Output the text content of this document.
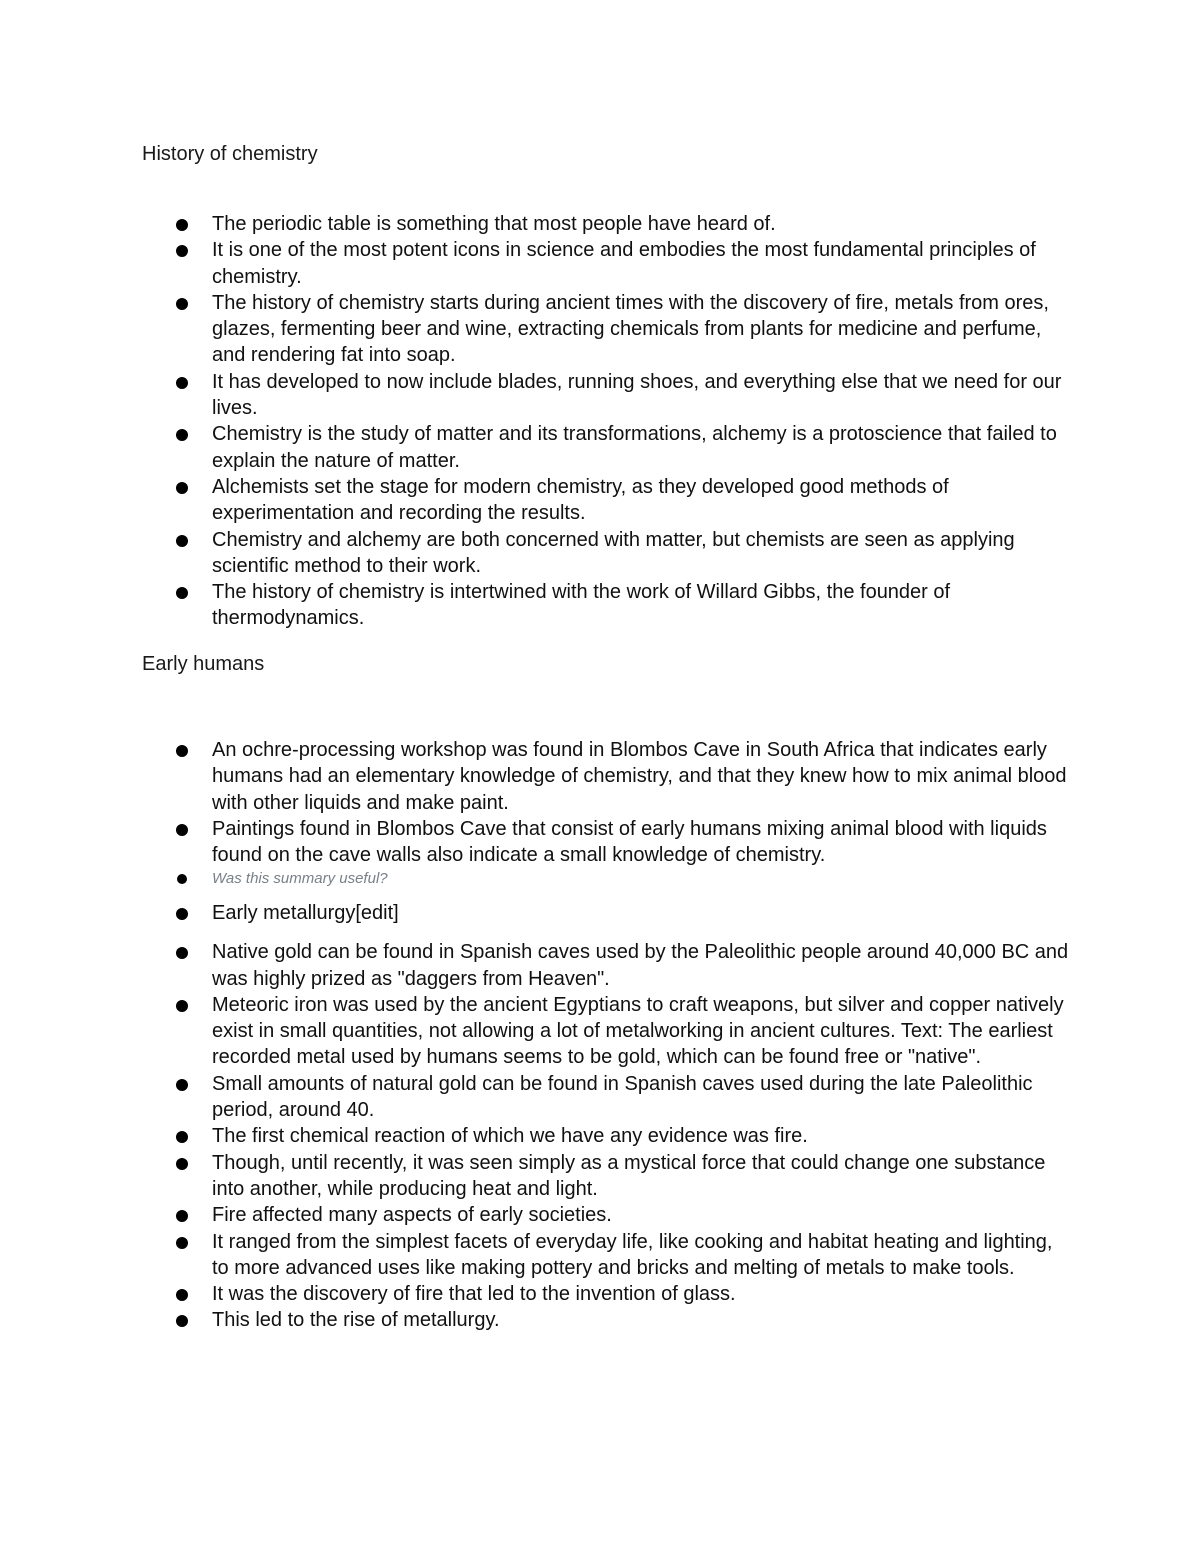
History of chemistry
The periodic table is something that most people have heard of.
It is one of the most potent icons in science and embodies the most fundamental principles of chemistry.
The history of chemistry starts during ancient times with the discovery of fire, metals from ores, glazes, fermenting beer and wine, extracting chemicals from plants for medicine and perfume, and rendering fat into soap.
It has developed to now include blades, running shoes, and everything else that we need for our lives.
Chemistry is the study of matter and its transformations, alchemy is a protoscience that failed to explain the nature of matter.
Alchemists set the stage for modern chemistry, as they developed good methods of experimentation and recording the results.
Chemistry and alchemy are both concerned with matter, but chemists are seen as applying scientific method to their work.
The history of chemistry is intertwined with the work of Willard Gibbs, the founder of thermodynamics.
Early humans
An ochre-processing workshop was found in Blombos Cave in South Africa that indicates early humans had an elementary knowledge of chemistry, and that they knew how to mix animal blood with other liquids and make paint.
Paintings found in Blombos Cave that consist of early humans mixing animal blood with liquids found on the cave walls also indicate a small knowledge of chemistry.
Was this summary useful?
Early metallurgy[edit]
Native gold can be found in Spanish caves used by the Paleolithic people around 40,000 BC and was highly prized as "daggers from Heaven".
Meteoric iron was used by the ancient Egyptians to craft weapons, but silver and copper natively exist in small quantities, not allowing a lot of metalworking in ancient cultures. Text: The earliest recorded metal used by humans seems to be gold, which can be found free or "native".
Small amounts of natural gold can be found in Spanish caves used during the late Paleolithic period, around 40.
The first chemical reaction of which we have any evidence was fire.
Though, until recently, it was seen simply as a mystical force that could change one substance into another, while producing heat and light.
Fire affected many aspects of early societies.
It ranged from the simplest facets of everyday life, like cooking and habitat heating and lighting, to more advanced uses like making pottery and bricks and melting of metals to make tools.
It was the discovery of fire that led to the invention of glass.
This led to the rise of metallurgy.
